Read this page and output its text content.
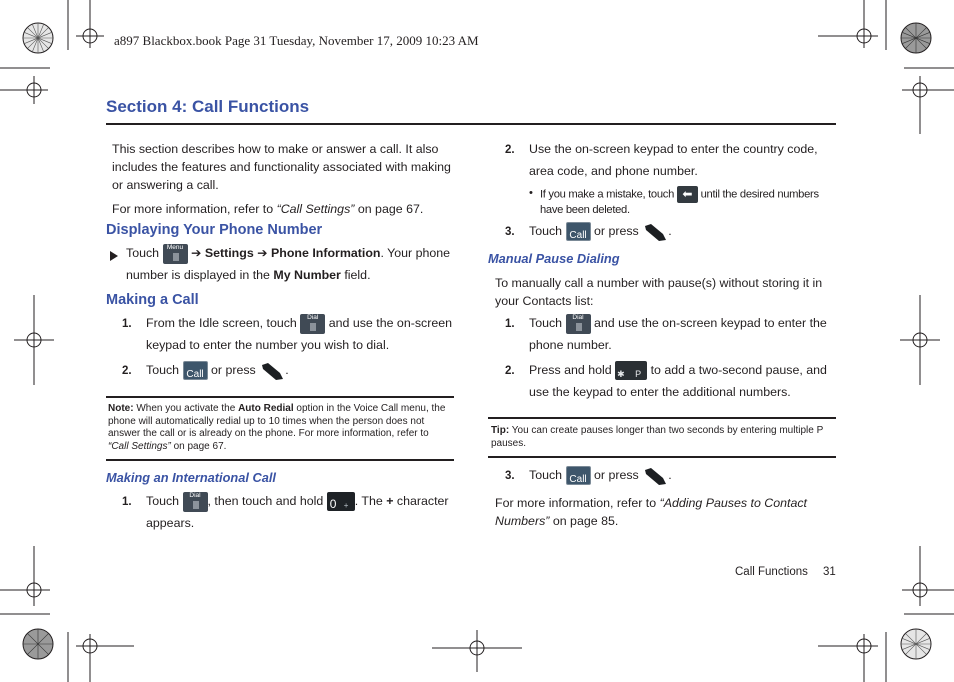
a897 Blackbox.book Page 31 Tuesday, November 17, 2009 10:23 AM
Section 4: Call Functions
This section describes how to make or answer a call. It also includes the features and functionality associated with making or answering a call.
For more information, refer to “Call Settings” on page 67.
Displaying Your Phone Number
Touch	Menu ➔ Settings ➔ Phone Information. Your phone number is displayed in the My Number field.
Making a Call
1. From the Idle screen, touch	Dial and use the on-screen keypad to enter the number you wish to dial.
2. Touch Call or press .
Note: When you activate the Auto Redial option in the Voice Call menu, the phone will automatically redial up to 10 times when the person does not answer the call or is already on the phone. For more information, refer to “Call Settings” on page 67.
Making an International Call
1. Touch	Dial , then touch and hold 0 + . The + character appears.
2. Use the on-screen keypad to enter the country code, area code, and phone number.
• If you make a mistake, touch ⬅ until the desired numbers have been deleted.
3. Touch Call or press .
Manual Pause Dialing
To manually call a number with pause(s) without storing it in your Contacts list:
1. Touch	Dial and use the on-screen keypad to enter the phone number.
2. Press and hold ✱ P to add a two-second pause, and use the keypad to enter the additional numbers.
Tip: You can create pauses longer than two seconds by entering multiple P pauses.
3. Touch Call or press .
For more information, refer to “Adding Pauses to Contact Numbers” on page 85.
Call Functions 31
